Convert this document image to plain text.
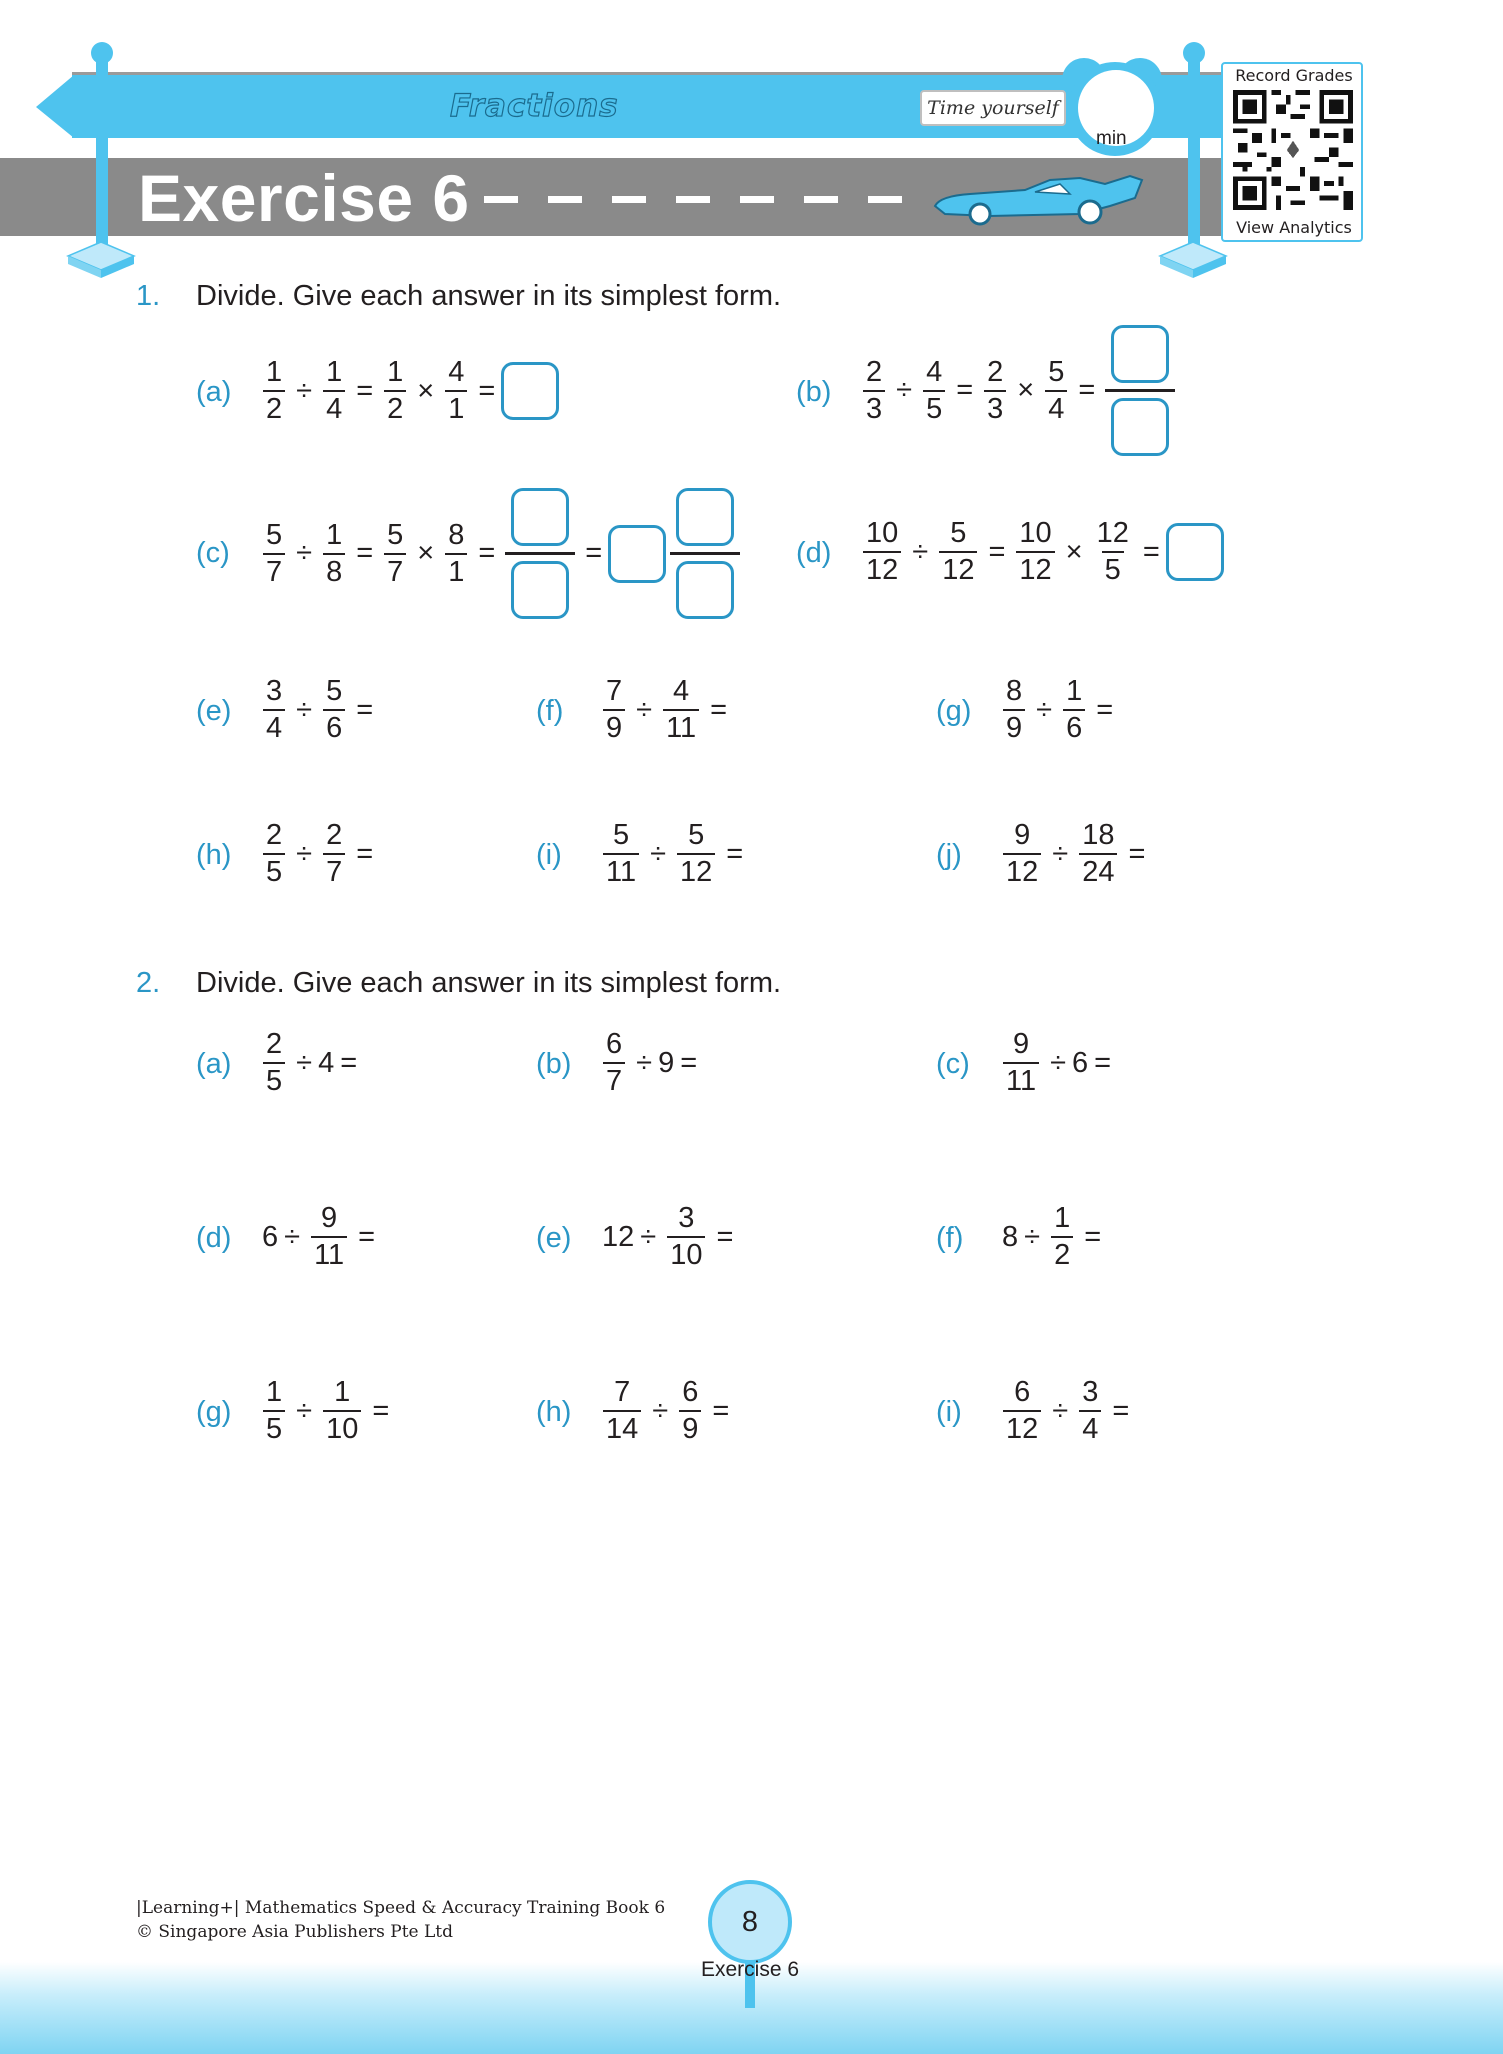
Fractions	Time yourself
min
Exercise 6
Record Grades
View Analytics
1. Divide. Give each answer in its simplest form.
$(a) \frac{1}{2} \div \frac{1}{4} = \frac{1}{2} \times \frac{4}{1}$ =	$(b) \frac{2}{3} \div \frac{4}{5} = \frac{2}{3} \times \frac{5}{4}$ =
$(c) \frac{5}{7} \div \frac{1}{8} = \frac{5}{7} \times \frac{8}{1}$ =	=	$(d) \frac{10}{12} \div \frac{5}{12} = \frac{10}{12} \times \frac{12}{5}$ =
$(e) \frac{3}{4} \div \frac{5}{6}$ =	$(f) \frac{7}{9} \div \frac{4}{11}$ =	$(g) \frac{8}{9} \div \frac{1}{6}$ =
$(h) \frac{2}{5} \div \frac{2}{7}$ =	$(i) \frac{5}{11} \div \frac{5}{12}$ =	$(j) \frac{9}{12} \div \frac{18}{24}$ =
2. Divide. Give each answer in its simplest form.
$(a) \frac{2}{5} \div 4$ =	$(b) \frac{6}{7} \div 9$ =	$(c) \frac{9}{11} \div 6$ =
(d) $6 \div \frac{9}{11}$ =	(e) $12 \div \frac{3}{10}$ =	(f) $8 \div \frac{1}{2}$ =
$(g) \frac{1}{5} \div \frac{1}{10}$ =	$(h) \frac{7}{14} \div \frac{6}{9}$ =	$(i) \frac{6}{12} \div \frac{3}{4}$ =
|Learning+| Mathematics Speed & Accuracy Training Book 6
© Singapore Asia Publishers Pte Ltd	8
Exercise 6
